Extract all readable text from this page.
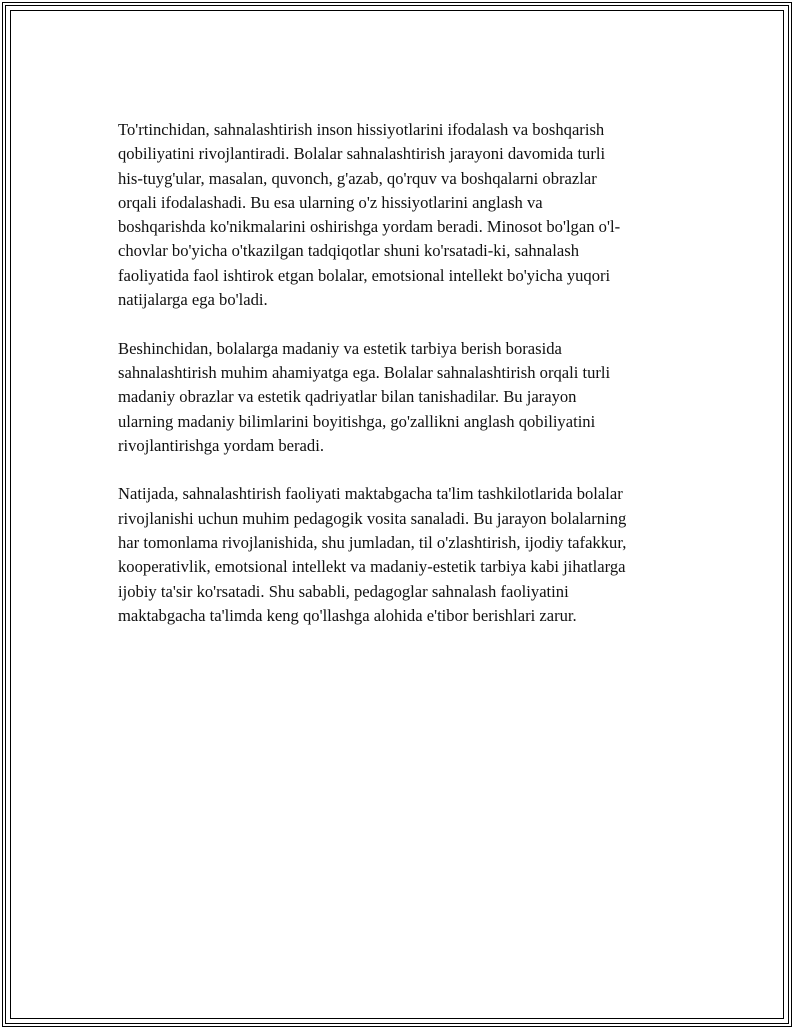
To'rtinchidan, sahnalashtirish inson hissiyotlarini ifodalash va boshqarish
qobiliyatini rivojlantiradi. Bolalar sahnalashtirish jarayoni davomida turli
his-tuyg'ular, masalan, quvonch, g'azab, qo'rquv va boshqalarni obrazlar
orqali ifodalashadi. Bu esa ularning o'z hissiyotlarini anglash va
boshqarishda ko'nikmalarini oshirishga yordam beradi. Minosot bo'lgan o'l-
chovlar bo'yicha o'tkazilgan tadqiqotlar shuni ko'rsatadi-ki, sahnalash
faoliyatida faol ishtirok etgan bolalar, emotsional intellekt bo'yicha yuqori
natijalarga ega bo'ladi.

Beshinchidan, bolalarga madaniy va estetik tarbiya berish borasida
sahnalashtirish muhim ahamiyatga ega. Bolalar sahnalashtirish orqali turli
madaniy obrazlar va estetik qadriyatlar bilan tanishadilar. Bu jarayon
ularning madaniy bilimlarini boyitishga, go'zallikni anglash qobiliyatini
rivojlantirishga yordam beradi.

Natijada, sahnalashtirish faoliyati maktabgacha ta'lim tashkilotlarida bolalar
rivojlanishi uchun muhim pedagogik vosita sanaladi. Bu jarayon bolalarning
har tomonlama rivojlanishida, shu jumladan, til o'zlashtirish, ijodiy tafakkur,
kooperativlik, emotsional intellekt va madaniy-estetik tarbiya kabi jihatlarga
ijobiy ta'sir ko'rsatadi. Shu sababli, pedagoglar sahnalash faoliyatini
maktabgacha ta'limda keng qo'llashga alohida e'tibor berishlari zarur.
